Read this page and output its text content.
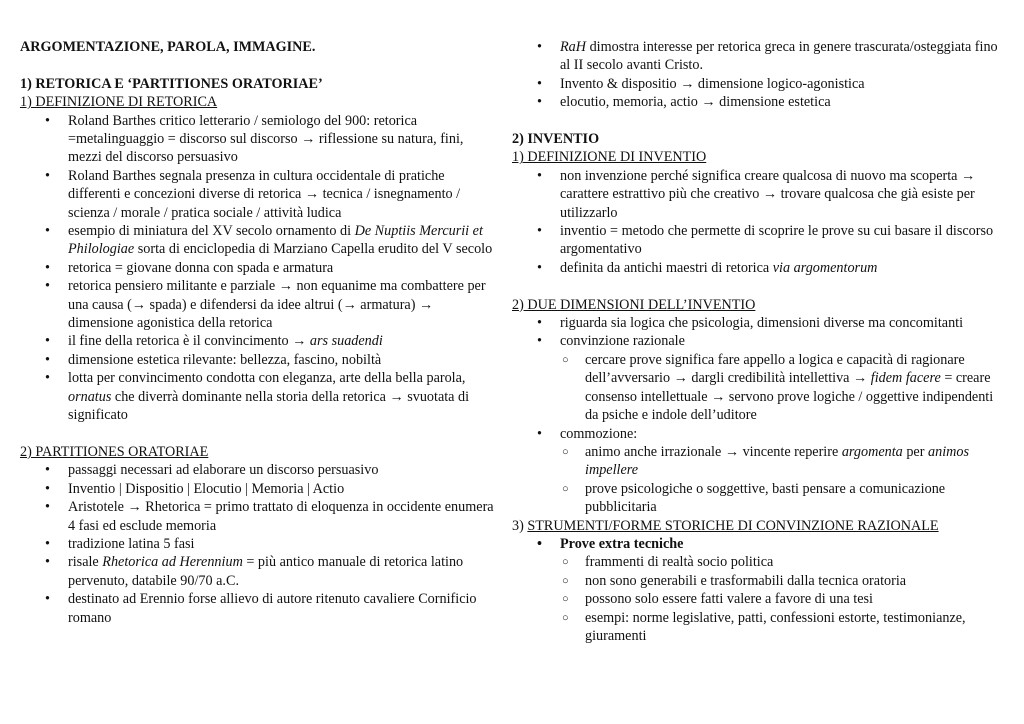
ARGOMENTAZIONE, PAROLA, IMMAGINE.

1) RETORICA E ‘PARTITIONES ORATORIAE’

1) DEFINIZIONE DI RETORICA

• Roland Barthes critico letterario / semiologo del 900: retorica =metalinguaggio = discorso sul discorso → riflessione su natura, fini, mezzi del discorso persuasivo
• Roland Barthes segnala presenza in cultura occidentale di pratiche differenti e concezioni diverse di retorica → tecnica / isnegnamento / scienza / morale / pratica sociale / attività ludica
• esempio di miniatura del XV secolo ornamento di De Nuptiis Mercurii et Philologiae sorta di enciclopedia di Marziano Capella erudito del V secolo
• retorica = giovane donna con spada e armatura
• retorica pensiero militante e parziale → non equanime ma combattere per una causa (→ spada) e difendersi da idee altrui (→ armatura) → dimensione agonistica della retorica
• il fine della retorica è il convincimento → ars suadendi
• dimensione estetica rilevante: bellezza, fascino, nobiltà
• lotta per convincimento condotta con eleganza, arte della bella parola, ornatus che diverrà dominante nella storia della retorica → svuotata di significato

2) PARTITIONES ORATORIAE

• passaggi necessari ad elaborare un discorso persuasivo
• Inventio | Dispositio | Elocutio | Memoria | Actio
• Aristotele → Rhetorica = primo trattato di eloquenza in occidente enumera 4 fasi ed esclude memoria
• tradizione latina 5 fasi
• risale Rhetorica ad Herennium = più antico manuale di retorica latino pervenuto, databile 90/70 a.C.
• destinato ad Erennio forse allievo di autore ritenuto cavaliere Cornificio romano
• RaH dimostra interesse per retorica greca in genere trascurata/osteggiata fino al II secolo avanti Cristo.
• Invento & dispositio → dimensione logico-agonistica
• elocutio, memoria, actio → dimensione estetica

2) INVENTIO

1) DEFINIZIONE DI INVENTIO

• non invenzione perché significa creare qualcosa di nuovo ma scoperta → carattere estrattivo più che creativo → trovare qualcosa che già esiste per utilizzarlo
• inventio = metodo che permette di scoprire le prove su cui basare il discorso argomentativo
• definita da antichi maestri di retorica via argomentorum

2) DUE DIMENSIONI DELL’INVENTIO

• riguarda sia logica che psicologia, dimensioni diverse ma concomitanti
• convinzione razionale
○ cercare prove significa fare appello a logica e capacità di ragionare dell’avversario → dargli credibilità intellettiva → fidem facere = creare consenso intellettuale → servono prove logiche / oggettive indipendenti da psiche e indole dell’uditore
• commozione:
○ animo anche irrazionale → vincente reperire argomenta per animos impellere
○ prove psicologiche o soggettive, basti pensare a comunicazione pubblicitaria

3) STRUMENTI/FORME STORICHE DI CONVINZIONE RAZIONALE

• Prove extra tecniche
○ frammenti di realtà socio politica
○ non sono generabili e trasformabili dalla tecnica oratoria
○ possono solo essere fatti valere a favore di una tesi
○ esempi: norme legislative, patti, confessioni estorte, testimonianze, giuramenti
